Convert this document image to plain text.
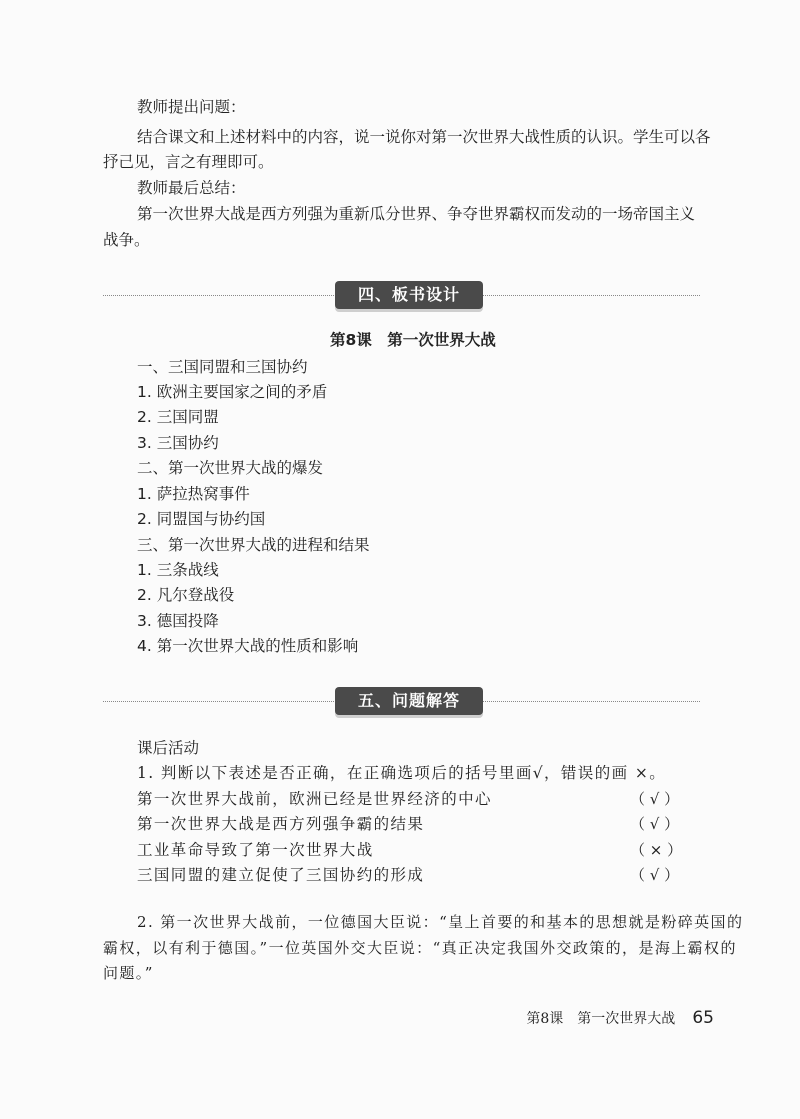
教师提出问题：
结合课文和上述材料中的内容，说一说你对第一次世界大战性质的认识。学生可以各
抒己见，言之有理即可。
教师最后总结：
第一次世界大战是西方列强为重新瓜分世界、争夺世界霸权而发动的一场帝国主义
战争。
四、板书设计
第8课　第一次世界大战
一、三国同盟和三国协约
1. 欧洲主要国家之间的矛盾
2. 三国同盟
3. 三国协约
二、第一次世界大战的爆发
1. 萨拉热窝事件
2. 同盟国与协约国
三、第一次世界大战的进程和结果
1. 三条战线
2. 凡尔登战役
3. 德国投降
4. 第一次世界大战的性质和影响
五、问题解答
课后活动
1. 判断以下表述是否正确，在正确选项后的括号里画√，错误的画 ×。
第一次世界大战前，欧洲已经是世界经济的中心	（ √ ）
第一次世界大战是西方列强争霸的结果	（ √ ）
工业革命导致了第一次世界大战	（ × ）
三国同盟的建立促使了三国协约的形成	（ √ ）
2. 第一次世界大战前，一位德国大臣说：“皇上首要的和基本的思想就是粉碎英国的
霸权，以有利于德国。”一位英国外交大臣说：“真正决定我国外交政策的，是海上霸权的
问题。”
第8课　第一次世界大战 65
